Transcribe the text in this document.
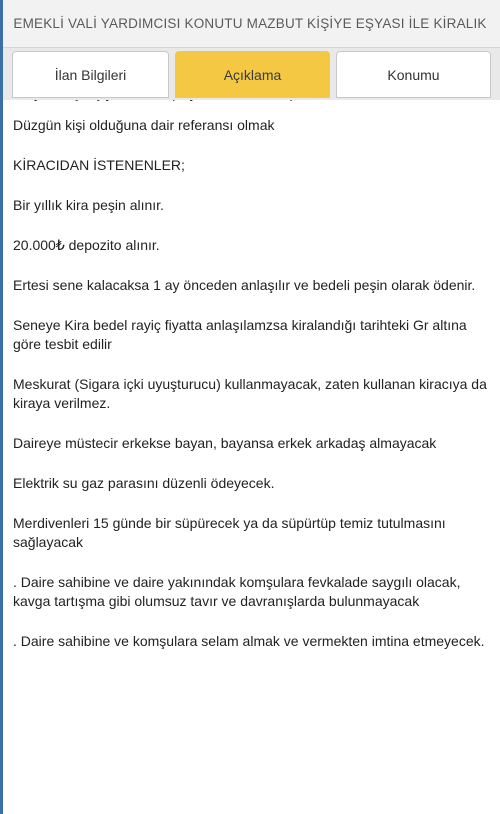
EMEKLİ VALİ YARDIMCISI KONUTU MAZBUT KİŞİYE EŞYASI İLE KİRALIK
İlan Bilgileri	Açıklama	Konumu

Düzgün kişi olduğuna dair referansı olmak

KİRACIDAN İSTENENLER;

Bir yıllık kira peşin alınır.

20.000₺ depozito alınır.

Ertesi sene kalacaksa 1 ay önceden anlaşılır ve bedeli peşin olarak ödenir.

Seneye Kira bedel rayiç fiyatta anlaşılamzsa kiralandığı tarihteki Gr altına göre tesbit edilir

Meskurat (Sigara içki uyuşturucu) kullanmayacak, zaten kullanan kiracıya da kiraya verilmez.

Daireye müstecir erkekse bayan, bayansa erkek arkadaş almayacak

Elektrik su gaz parasını düzenli ödeyecek.

Merdivenleri 15 günde bir süpürecek ya da süpürtüp temiz tutulmasını sağlayacak

. Daire sahibine ve daire yakınındak komşulara fevkalade saygılı olacak, kavga tartışma gibi olumsuz tavır ve davranışlarda bulunmayacak

. Daire sahibine ve komşulara selam almak ve vermekten imtina etmeyecek.
